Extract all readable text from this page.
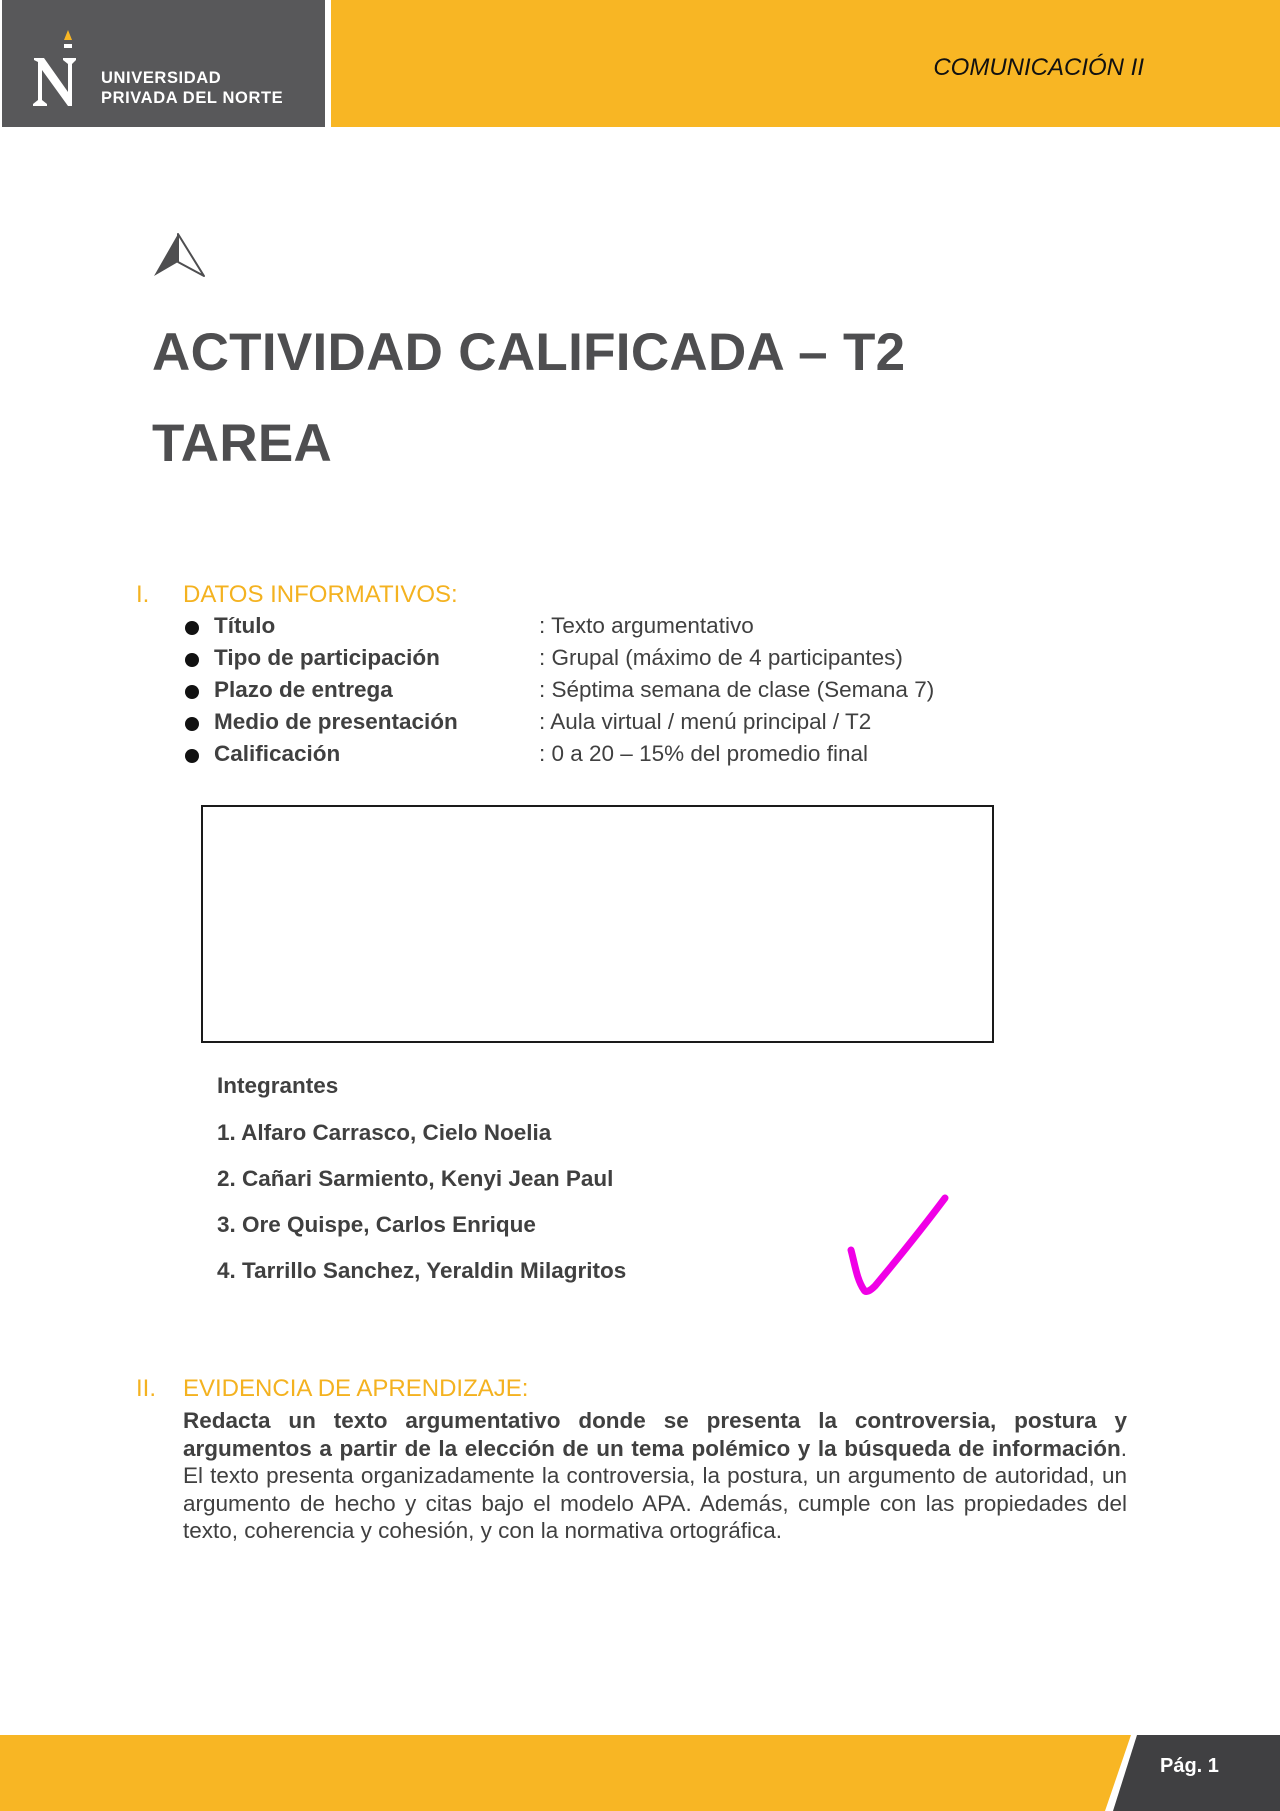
UNIVERSIDAD
PRIVADA DEL NORTE
COMUNICACIÓN II
ACTIVIDAD CALIFICADA – T2
TAREA
I. DATOS INFORMATIVOS:
Título	: Texto argumentativo
Tipo de participación	: Grupal (máximo de 4 participantes)
Plazo de entrega	: Séptima semana de clase (Semana 7)
Medio de presentación	: Aula virtual / menú principal / T2
Calificación	: 0 a 20 – 15% del promedio final
Integrantes
1. Alfaro Carrasco, Cielo Noelia
2. Cañari Sarmiento, Kenyi Jean Paul
3. Ore Quispe, Carlos Enrique
4. Tarrillo Sanchez, Yeraldin Milagritos
II. EVIDENCIA DE APRENDIZAJE:
Redacta un texto argumentativo donde se presenta la controversia, postura y argumentos a partir de la elección de un tema polémico y la búsqueda de información. El texto presenta organizadamente la controversia, la postura, un argumento de autoridad, un argumento de hecho y citas bajo el modelo APA. Además, cumple con las propiedades del texto, coherencia y cohesión, y con la normativa ortográfica.
Pág. 1
